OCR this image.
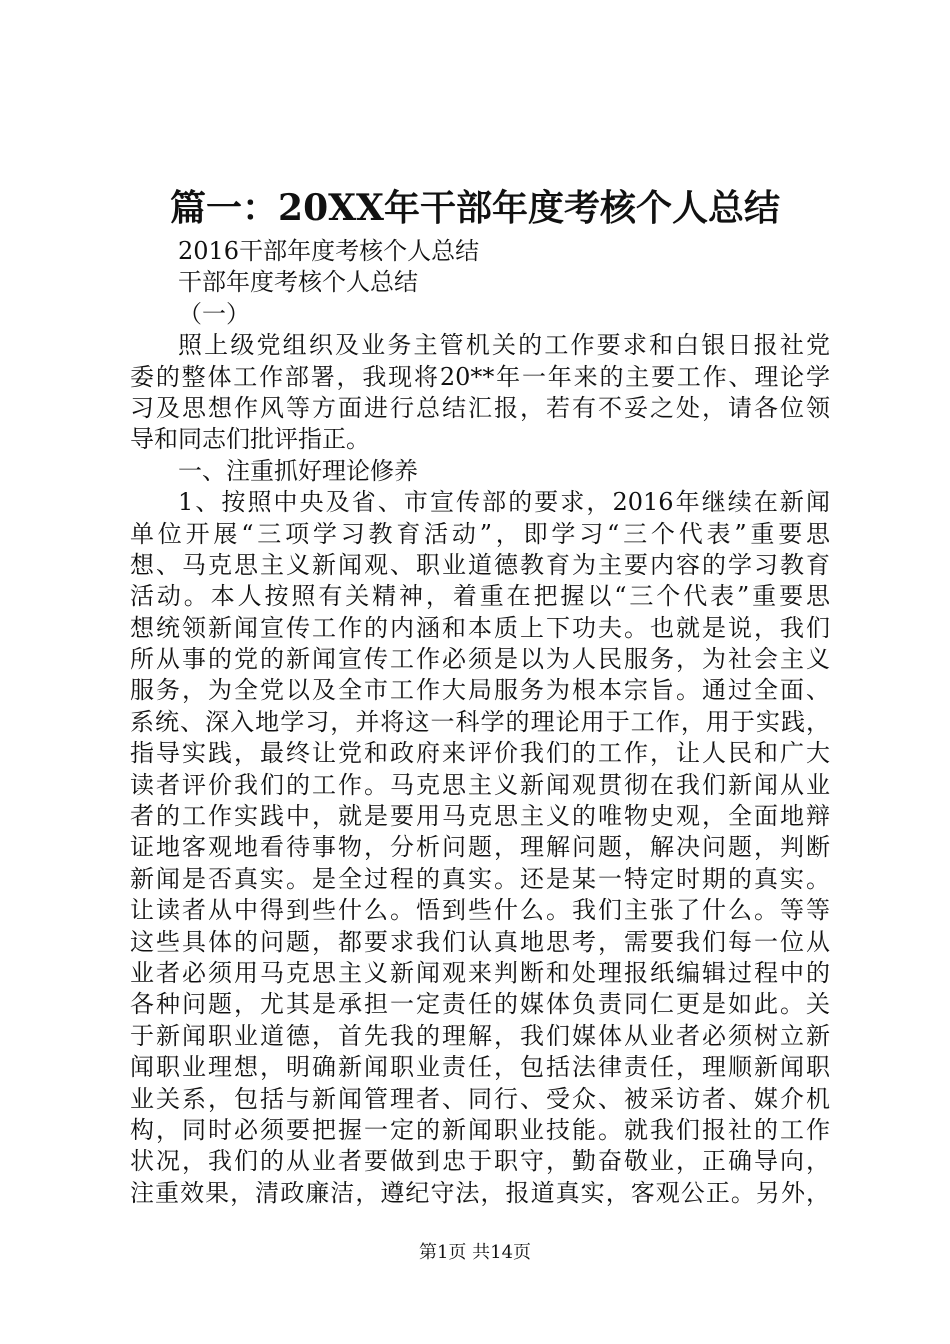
篇一：20XX年干部年度考核个人总结
2016干部年度考核个人总结
干部年度考核个人总结
（一）
照上级党组织及业务主管机关的工作要求和白银日报社党
委的整体工作部署，我现将20**年一年来的主要工作、理论学
习及思想作风等方面进行总结汇报，若有不妥之处，请各位领
导和同志们批评指正。
一、注重抓好理论修养
1、按照中央及省、市宣传部的要求，2016年继续在新闻
单位开展“三项学习教育活动”，即学习“三个代表”重要思
想、马克思主义新闻观、职业道德教育为主要内容的学习教育
活动。本人按照有关精神，着重在把握以“三个代表”重要思
想统领新闻宣传工作的内涵和本质上下功夫。也就是说，我们
所从事的党的新闻宣传工作必须是以为人民服务，为社会主义
服务，为全党以及全市工作大局服务为根本宗旨。通过全面、
系统、深入地学习，并将这一科学的理论用于工作，用于实践，
指导实践，最终让党和政府来评价我们的工作，让人民和广大
读者评价我们的工作。马克思主义新闻观贯彻在我们新闻从业
者的工作实践中，就是要用马克思主义的唯物史观，全面地辩
证地客观地看待事物，分析问题，理解问题，解决问题，判断
新闻是否真实。是全过程的真实。还是某一特定时期的真实。
让读者从中得到些什么。悟到些什么。我们主张了什么。等等
这些具体的问题，都要求我们认真地思考，需要我们每一位从
业者必须用马克思主义新闻观来判断和处理报纸编辑过程中的
各种问题，尤其是承担一定责任的媒体负责同仁更是如此。关
于新闻职业道德，首先我的理解，我们媒体从业者必须树立新
闻职业理想，明确新闻职业责任，包括法律责任，理顺新闻职
业关系，包括与新闻管理者、同行、受众、被采访者、媒介机
构，同时必须要把握一定的新闻职业技能。就我们报社的工作
状况，我们的从业者要做到忠于职守，勤奋敬业，正确导向，
注重效果，清政廉洁，遵纪守法，报道真实，客观公正。另外，
第1页 共14页
